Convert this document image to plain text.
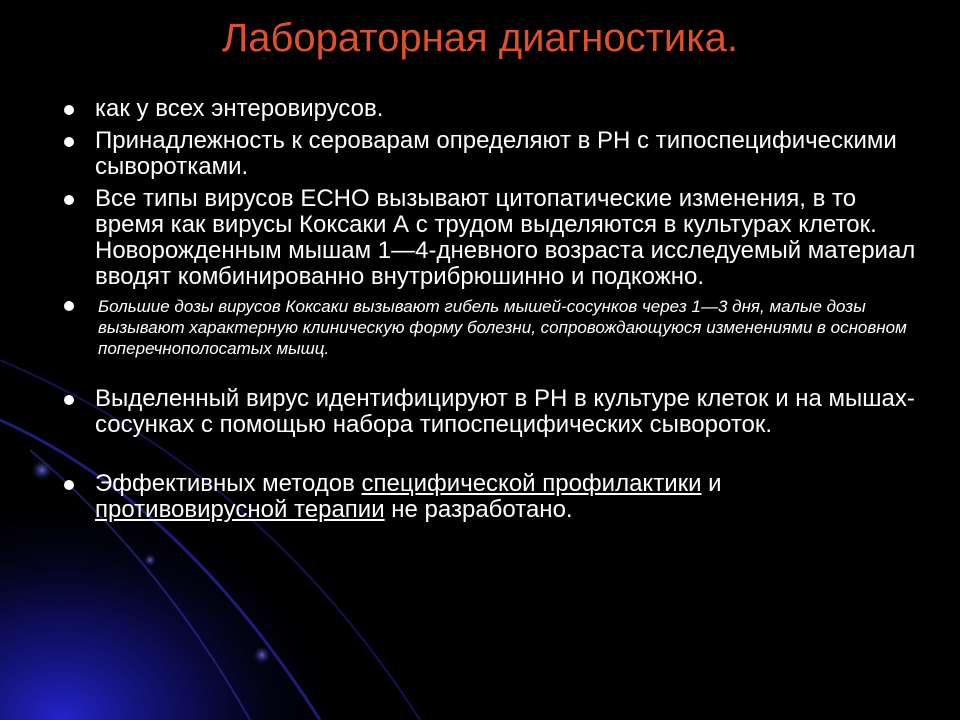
Лабораторная диагностика.
как у всех энтеровирусов.
Принадлежность к сероварам определяют в РН с типоспецифическими сыворотками.
Все типы вирусов ЕСНО вызывают цитопатические изменения, в то время как вирусы Коксаки А с трудом выделяются в культурах клеток. Новорожденным мышам 1—4-дневного возраста исследуемый материал вводят комбинированно внутрибрюшинно и подкожно.
Большие дозы вирусов Коксаки вызывают гибель мышей-сосунков через 1—3 дня, малые дозы вызывают характерную клиническую форму болезни, сопровождающуюся изменениями в основном поперечнополосатых мышц.
Выделенный вирус идентифицируют в РН в культуре клеток и на мышах-сосунках с помощью набора типоспецифических сывороток.
Эффективных методов специфической профилактики и противовирусной терапии не разработано.
